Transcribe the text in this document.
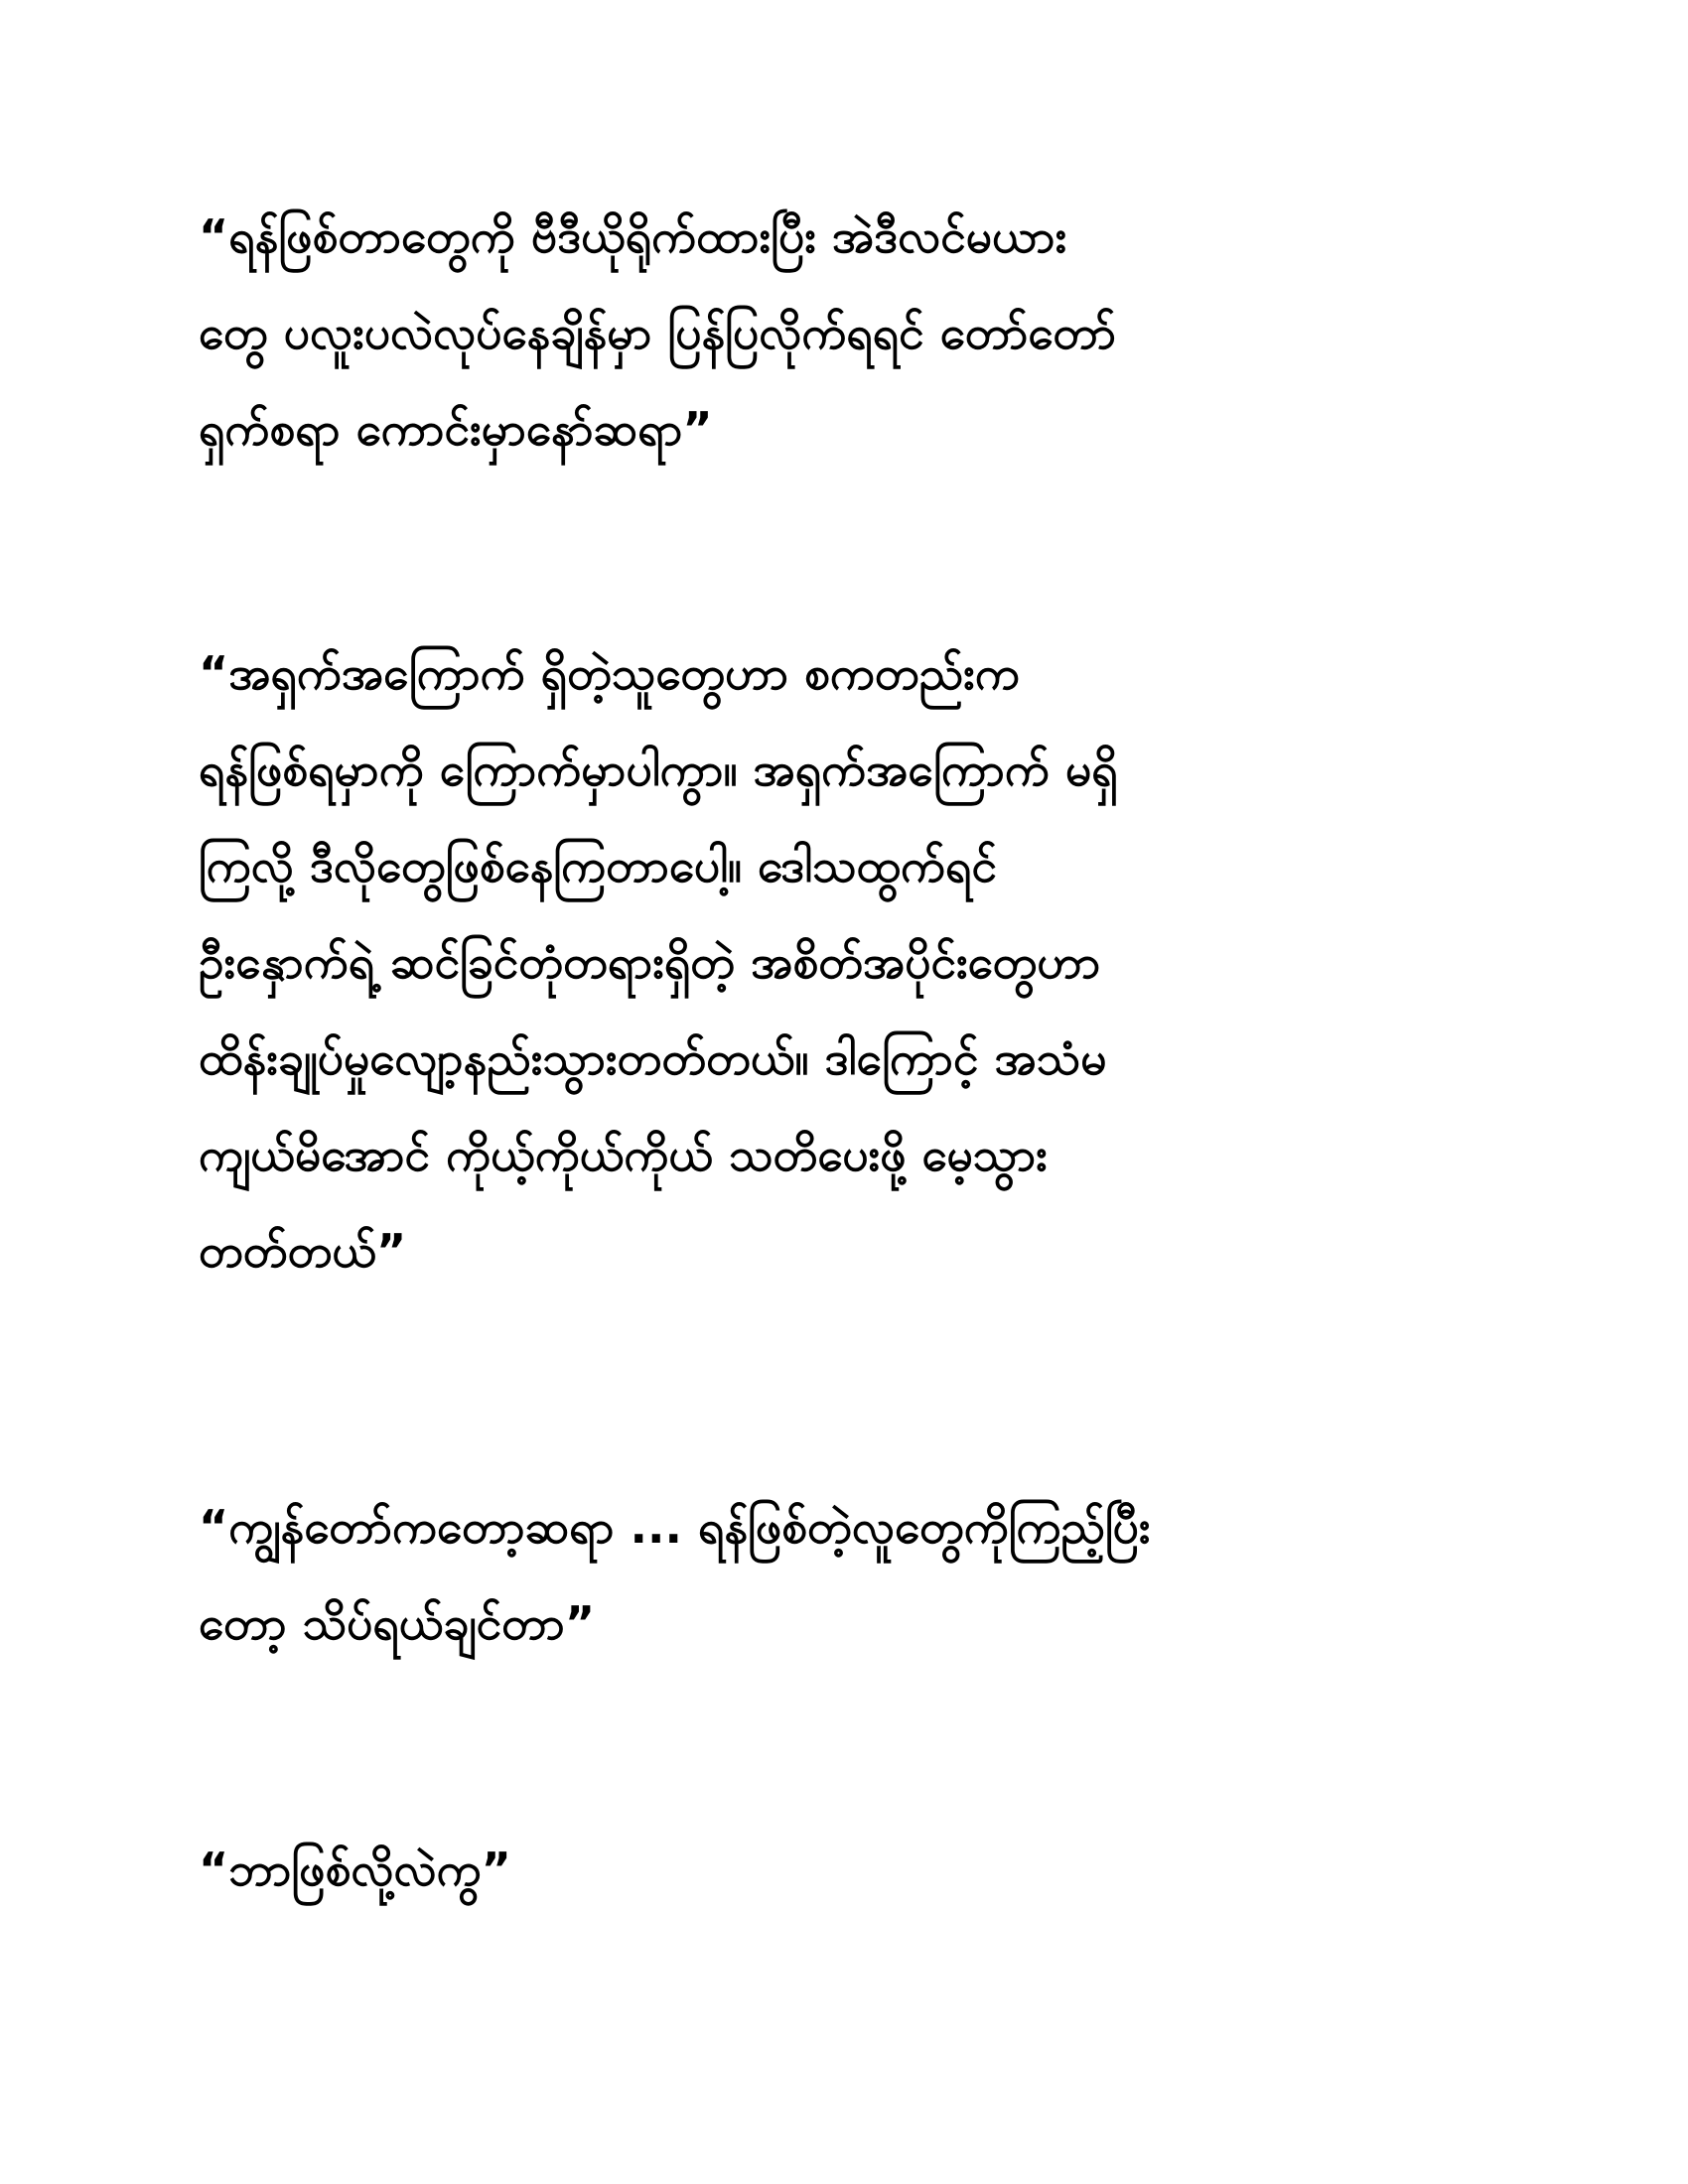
“ရန်ဖြစ်တာတွေကို ဗီဒီယိုရိုက်ထားပြီး အဲဒီလင်မယား
တွေ ပလူးပလဲလုပ်နေချိန်မှာ ပြန်ပြလိုက်ရရင် တော်တော်
ရှက်စရာ ကောင်းမှာနော်ဆရာ”

“အရှက်အကြောက် ရှိတဲ့သူတွေဟာ စကတည်းက
ရန်ဖြစ်ရမှာကို ကြောက်မှာပါကွာ။ အရှက်အကြောက် မရှိ
ကြလို့ ဒီလိုတွေဖြစ်နေကြတာပေါ့။ ဒေါသထွက်ရင်
ဦးနှောက်ရဲ့ ဆင်ခြင်တုံတရားရှိတဲ့ အစိတ်အပိုင်းတွေဟာ
ထိန်းချုပ်မှုလျော့နည်းသွားတတ်တယ်။ ဒါကြောင့် အသံမ
ကျယ်မိအောင် ကိုယ့်ကိုယ်ကိုယ် သတိပေးဖို့ မေ့သွား
တတ်တယ်”

“ကျွန်တော်ကတော့ဆရာ ... ရန်ဖြစ်တဲ့လူတွေကိုကြည့်ပြီး
တော့ သိပ်ရယ်ချင်တာ”

“ဘာဖြစ်လို့လဲကွ”
